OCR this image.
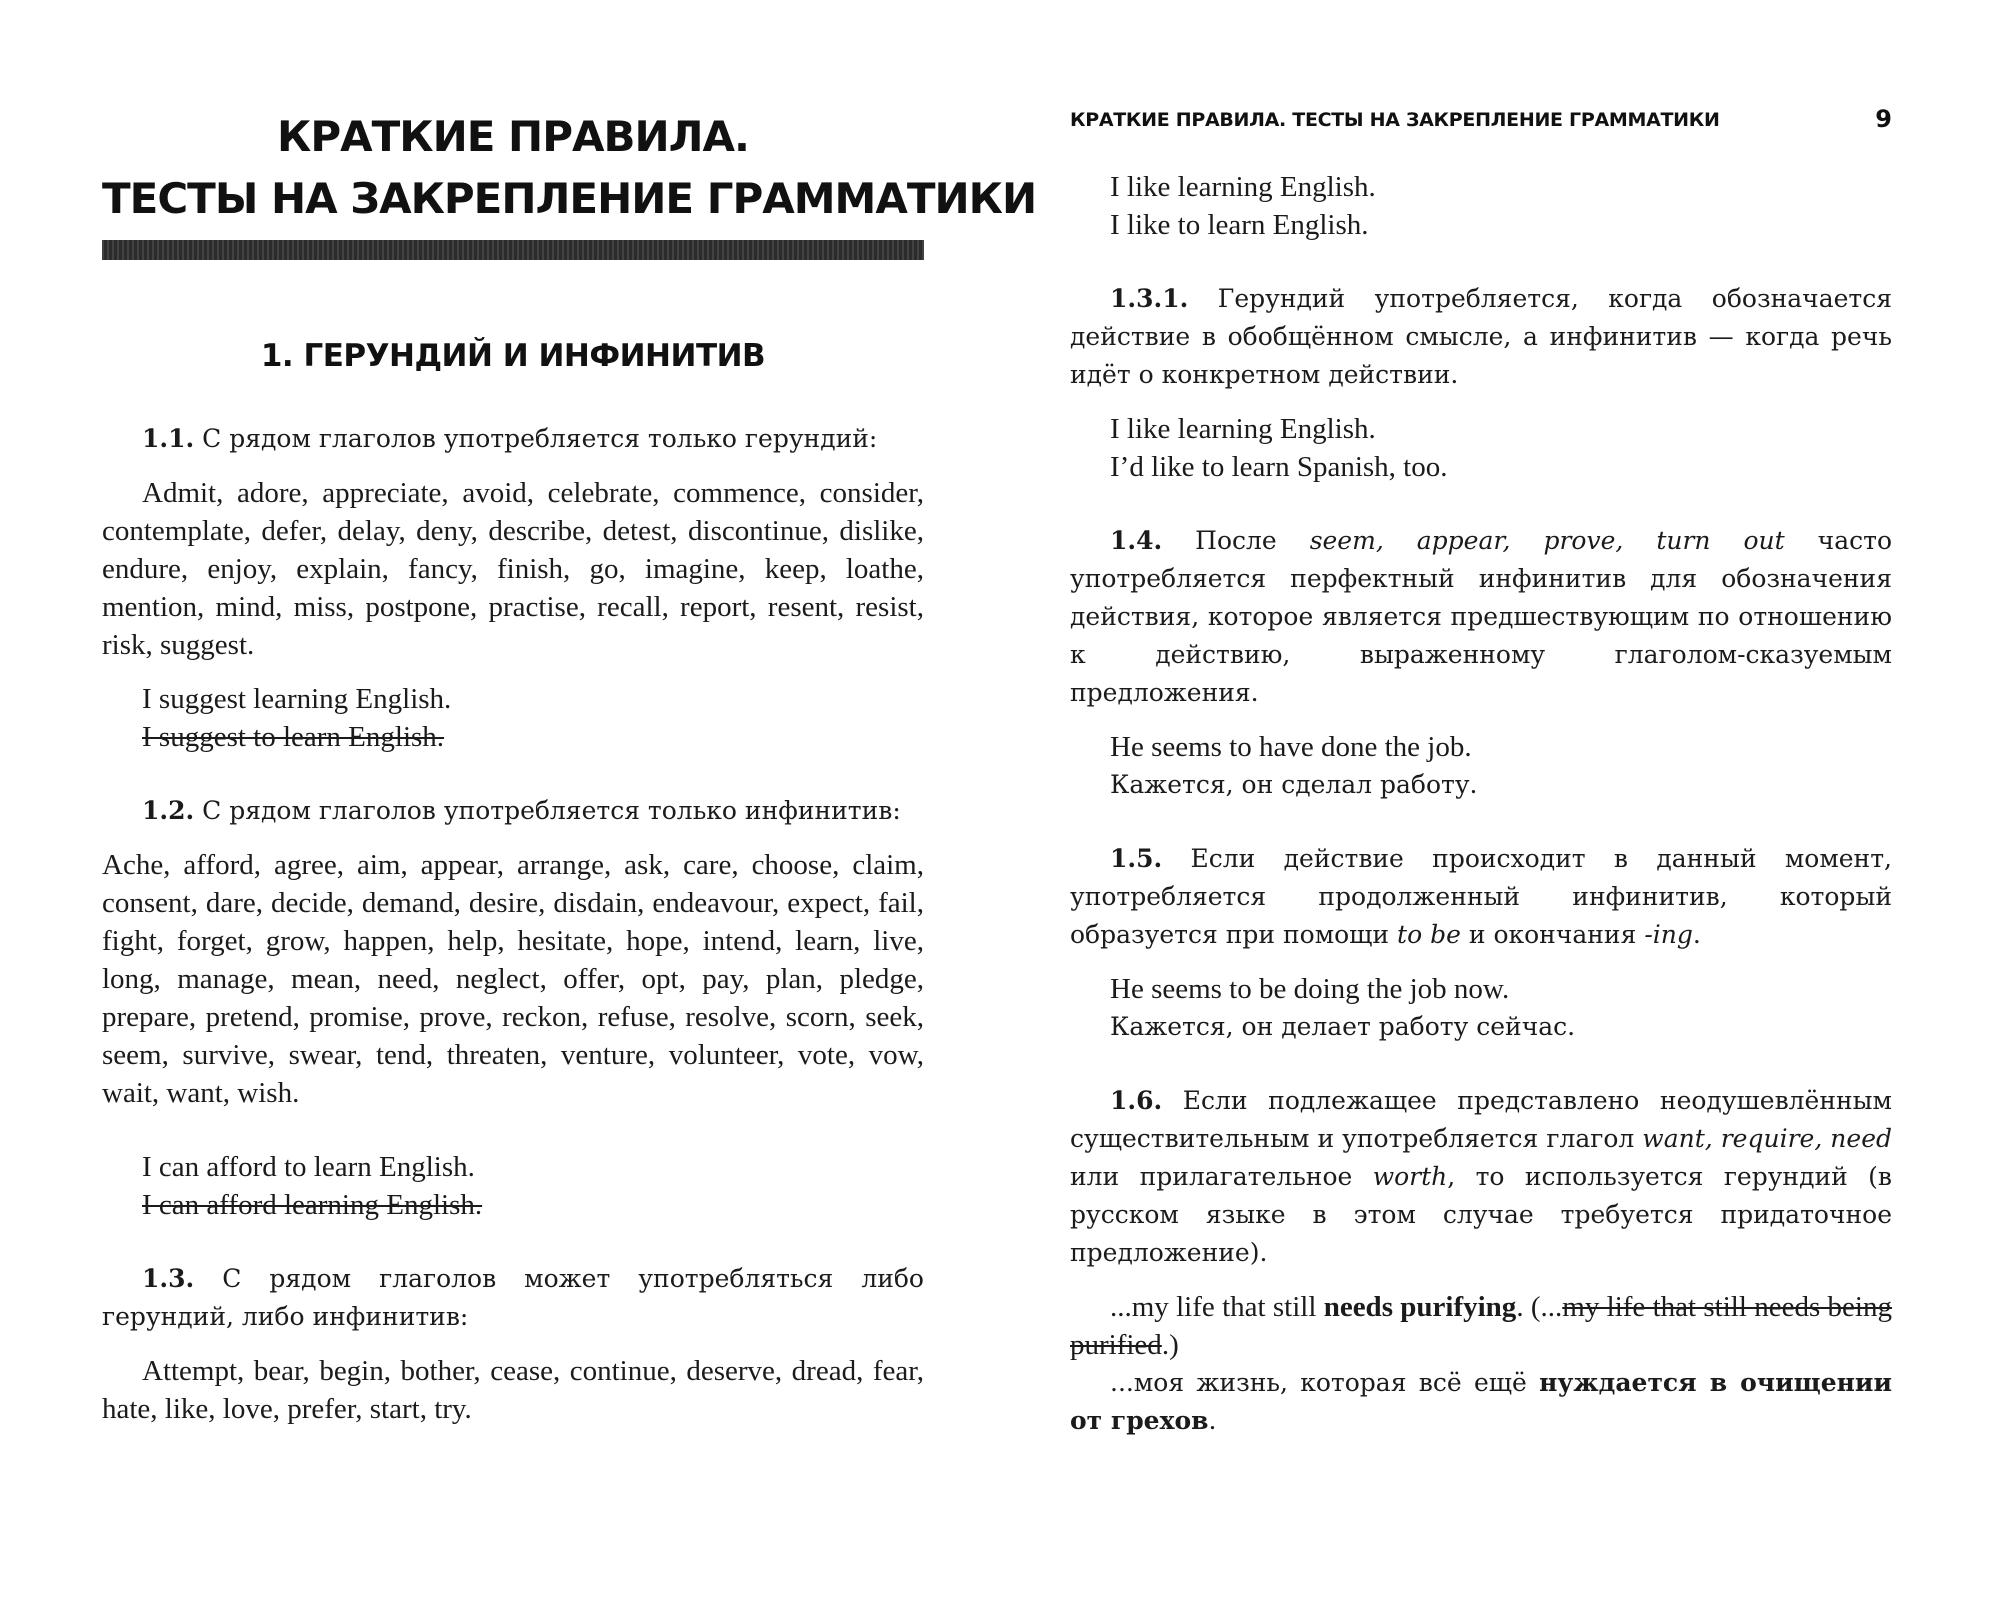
КРАТКИЕ ПРАВИЛА.
ТЕСТЫ НА ЗАКРЕПЛЕНИЕ ГРАММАТИКИ
1. ГЕРУНДИЙ И ИНФИНИТИВ

1.1. С рядом глаголов употребляется только герундий:

Admit, adore, appreciate, avoid, celebrate, commence, consider, contemplate, defer, delay, deny, describe, detest, discontinue, dislike, endure, enjoy, explain, fancy, finish, go, imagine, keep, loathe, mention, mind, miss, postpone, practise, recall, report, resent, resist, risk, suggest.

I suggest learning English.
I suggest to learn English.

1.2. С рядом глаголов употребляется только инфинитив:

Ache, afford, agree, aim, appear, arrange, ask, care, choose, claim, consent, dare, decide, demand, desire, disdain, endeavour, expect, fail, fight, forget, grow, happen, help, hesitate, hope, intend, learn, live, long, manage, mean, need, neglect, offer, opt, pay, plan, pledge, prepare, pretend, promise, prove, reckon, refuse, resolve, scorn, seek, seem, survive, swear, tend, threaten, venture, volunteer, vote, vow, wait, want, wish.

I can afford to learn English.
I can afford learning English.

1.3. С рядом глаголов может употребляться либо герундий, либо инфинитив:

Attempt, bear, begin, bother, cease, continue, deserve, dread, fear, hate, like, love, prefer, start, try.

КРАТКИЕ ПРАВИЛА. ТЕСТЫ НА ЗАКРЕПЛЕНИЕ ГРАММАТИКИ	9
I like learning English.
I like to learn English.

1.3.1. Герундий употребляется, когда обозначается действие в обобщённом смысле, а инфинитив — когда речь идёт о конкретном действии.

I like learning English.
I’d like to learn Spanish, too.

1.4. После seem, appear, prove, turn out часто употребляется перфектный инфинитив для обозначения действия, которое является предшествующим по отношению к действию, выраженному глаголом-сказуемым предложения.

He seems to have done the job.
Кажется, он сделал работу.

1.5. Если действие происходит в данный момент, употребляется продолженный инфинитив, который образуется при помощи to be и окончания -ing.

He seems to be doing the job now.
Кажется, он делает работу сейчас.

1.6. Если подлежащее представлено неодушевлённым существительным и употребляется глагол want, require, need или прилагательное worth, то используется герундий (в русском языке в этом случае требуется придаточное предложение).

...my life that still needs purifying. (...my life that still needs being purified.)

...моя жизнь, которая всё ещё нуждается в очищении от грехов.
